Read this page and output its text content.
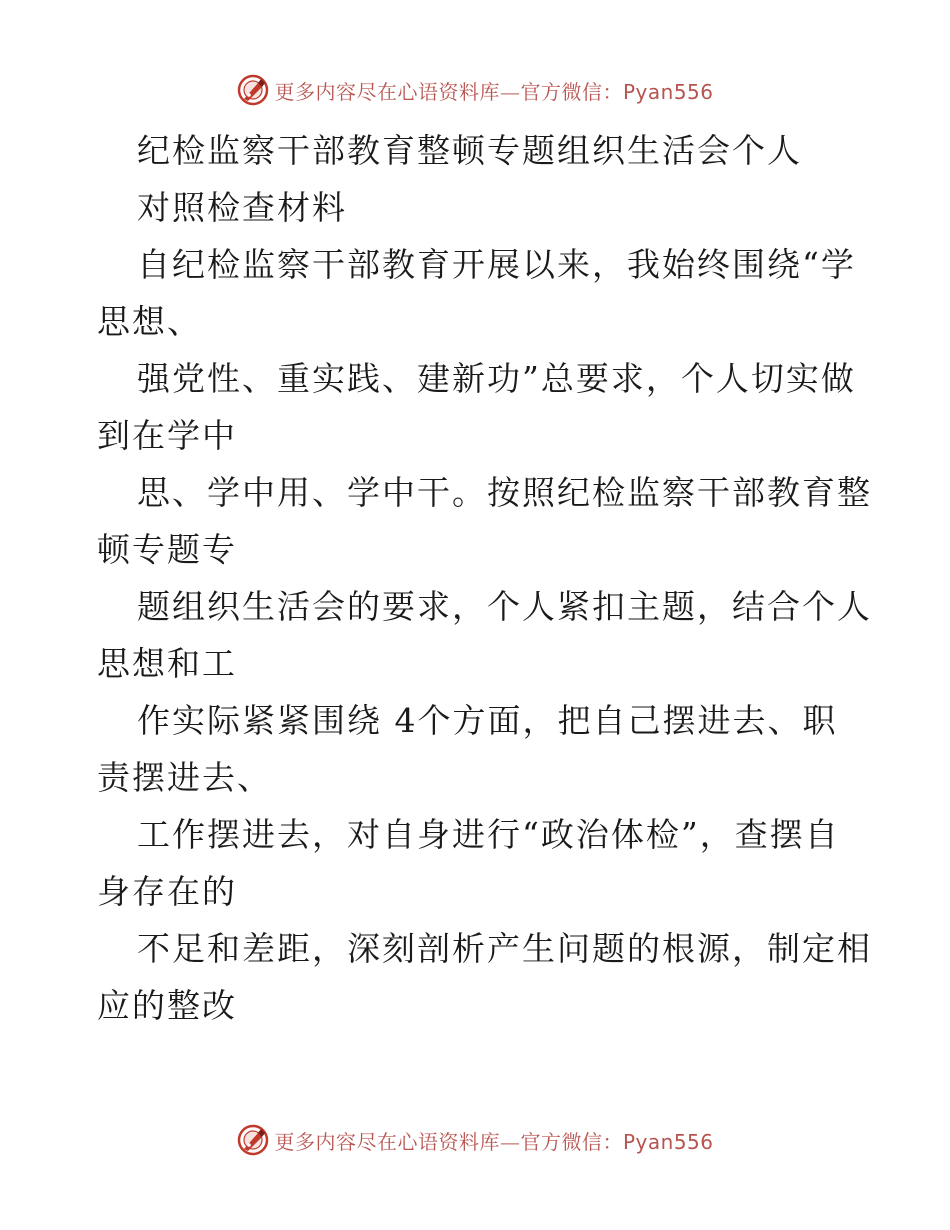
更多内容尽在心语资料库—官方微信：Pyan556
纪检监察干部教育整顿专题组织生活会个人
对照检查材料
自纪检监察干部教育开展以来，我始终围绕“学
思想、
强党性、重实践、建新功”总要求，个人切实做
到在学中
思、学中用、学中干。按照纪检监察干部教育整
顿专题专
题组织生活会的要求，个人紧扣主题，结合个人
思想和工
作实际紧紧围绕 4个方面，把自己摆进去、职
责摆进去、
工作摆进去，对自身进行“政治体检”，查摆自
身存在的
不足和差距，深刻剖析产生问题的根源，制定相
应的整改
更多内容尽在心语资料库—官方微信：Pyan556
